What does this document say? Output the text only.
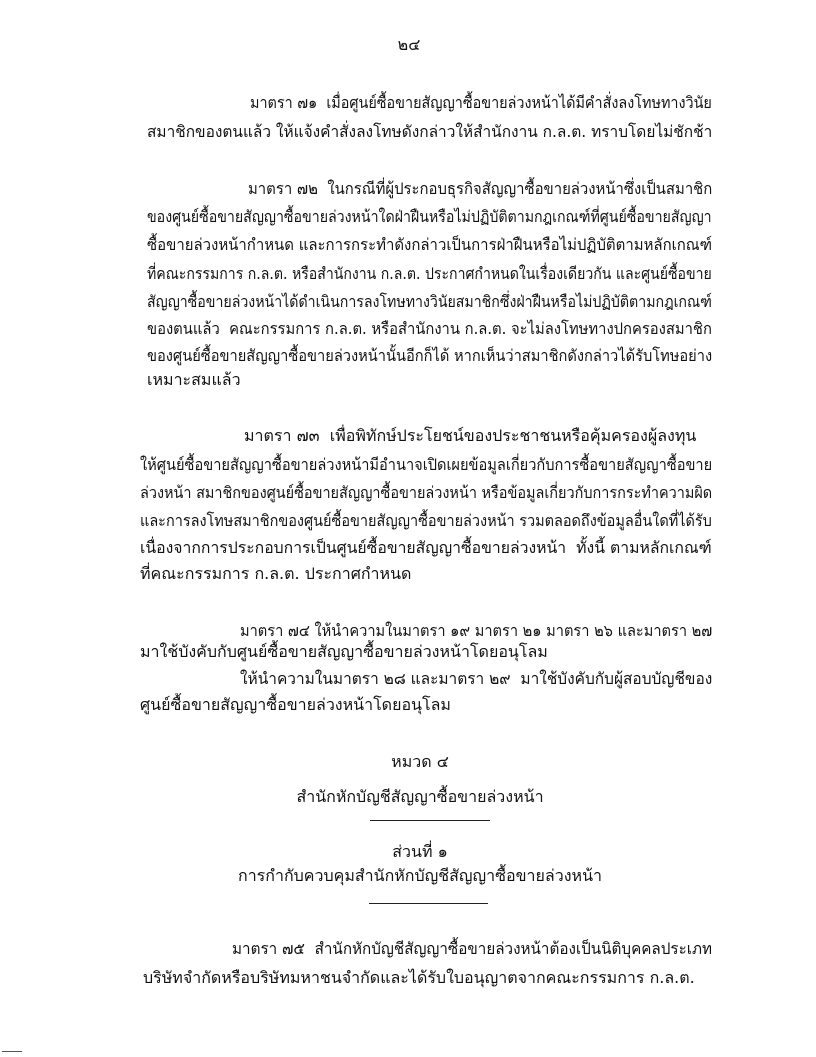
๒๔
มาตรา ๗๑  เมื่อศูนย์ซื้อขายสัญญาซื้อขายล่วงหน้าได้มีคำสั่งลงโทษทางวินัย
สมาชิกของตนแล้ว ให้แจ้งคำสั่งลงโทษดังกล่าวให้สำนักงาน ก.ล.ต. ทราบโดยไม่ชักช้า
มาตรา ๗๒  ในกรณีที่ผู้ประกอบธุรกิจสัญญาซื้อขายล่วงหน้าซึ่งเป็นสมาชิก
ของศูนย์ซื้อขายสัญญาซื้อขายล่วงหน้าใดฝ่าฝืนหรือไม่ปฏิบัติตามกฎเกณฑ์ที่ศูนย์ซื้อขายสัญญา
ซื้อขายล่วงหน้ากำหนด และการกระทำดังกล่าวเป็นการฝ่าฝืนหรือไม่ปฏิบัติตามหลักเกณฑ์
ที่คณะกรรมการ ก.ล.ต. หรือสำนักงาน ก.ล.ต. ประกาศกำหนดในเรื่องเดียวกัน และศูนย์ซื้อขาย
สัญญาซื้อขายล่วงหน้าได้ดำเนินการลงโทษทางวินัยสมาชิกซึ่งฝ่าฝืนหรือไม่ปฏิบัติตามกฎเกณฑ์
ของตนแล้ว  คณะกรรมการ ก.ล.ต. หรือสำนักงาน ก.ล.ต. จะไม่ลงโทษทางปกครองสมาชิก
ของศูนย์ซื้อขายสัญญาซื้อขายล่วงหน้านั้นอีกก็ได้ หากเห็นว่าสมาชิกดังกล่าวได้รับโทษอย่าง
เหมาะสมแล้ว
มาตรา ๗๓  เพื่อพิทักษ์ประโยชน์ของประชาชนหรือคุ้มครองผู้ลงทุน
ให้ศูนย์ซื้อขายสัญญาซื้อขายล่วงหน้ามีอำนาจเปิดเผยข้อมูลเกี่ยวกับการซื้อขายสัญญาซื้อขาย
ล่วงหน้า สมาชิกของศูนย์ซื้อขายสัญญาซื้อขายล่วงหน้า หรือข้อมูลเกี่ยวกับการกระทำความผิด
และการลงโทษสมาชิกของศูนย์ซื้อขายสัญญาซื้อขายล่วงหน้า รวมตลอดถึงข้อมูลอื่นใดที่ได้รับ
เนื่องจากการประกอบการเป็นศูนย์ซื้อขายสัญญาซื้อขายล่วงหน้า  ทั้งนี้ ตามหลักเกณฑ์
ที่คณะกรรมการ ก.ล.ต. ประกาศกำหนด
มาตรา ๗๔ ให้นำความในมาตรา ๑๙ มาตรา ๒๑ มาตรา ๒๖ และมาตรา ๒๗
มาใช้บังคับกับศูนย์ซื้อขายสัญญาซื้อขายล่วงหน้าโดยอนุโลม
ให้นำความในมาตรา ๒๘ และมาตรา ๒๙  มาใช้บังคับกับผู้สอบบัญชีของ
ศูนย์ซื้อขายสัญญาซื้อขายล่วงหน้าโดยอนุโลม
หมวด ๔
สำนักหักบัญชีสัญญาซื้อขายล่วงหน้า
ส่วนที่ ๑
การกำกับควบคุมสำนักหักบัญชีสัญญาซื้อขายล่วงหน้า
มาตรา ๗๕  สำนักหักบัญชีสัญญาซื้อขายล่วงหน้าต้องเป็นนิติบุคคลประเภท
บริษัทจำกัดหรือบริษัทมหาชนจำกัดและได้รับใบอนุญาตจากคณะกรรมการ ก.ล.ต.
